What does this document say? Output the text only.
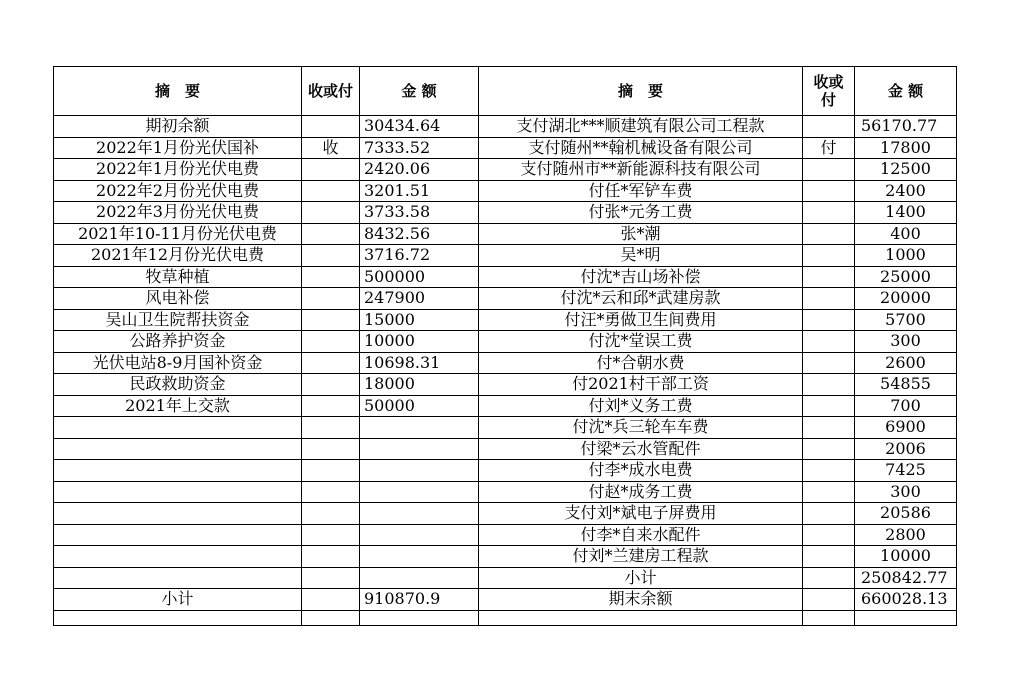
摘　要	收或付	金 额	摘　要	收或付	金 额
期初余额		30434.64	支付湖北***顺建筑有限公司工程款		56170.77
2022年1月份光伏国补	收	7333.52	支付随州**翰机械设备有限公司	付	17800
2022年1月份光伏电费		2420.06	支付随州市**新能源科技有限公司		12500
2022年2月份光伏电费		3201.51	付任*军铲车费		2400
2022年3月份光伏电费		3733.58	付张*元务工费		1400
2021年10-11月份光伏电费		8432.56	张*潮		400
2021年12月份光伏电费		3716.72	吴*明		1000
牧草种植		500000	付沈*吉山场补偿		25000
风电补偿		247900	付沈*云和邱*武建房款		20000
吴山卫生院帮扶资金		15000	付汪*勇做卫生间费用		5700
公路养护资金		10000	付沈*堂误工费		300
光伏电站8-9月国补资金		10698.31	付*合朝水费		2600
民政救助资金		18000	付2021村干部工资		54855
2021年上交款		50000	付刘*义务工费		700
			付沈*兵三轮车车费		6900
			付梁*云水管配件		2006
			付李*成水电费		7425
			付赵*成务工费		300
			支付刘*斌电子屏费用		20586
			付李*自来水配件		2800
			付刘*兰建房工程款		10000
			小计		250842.77
小计		910870.9	期末余额		660028.13
